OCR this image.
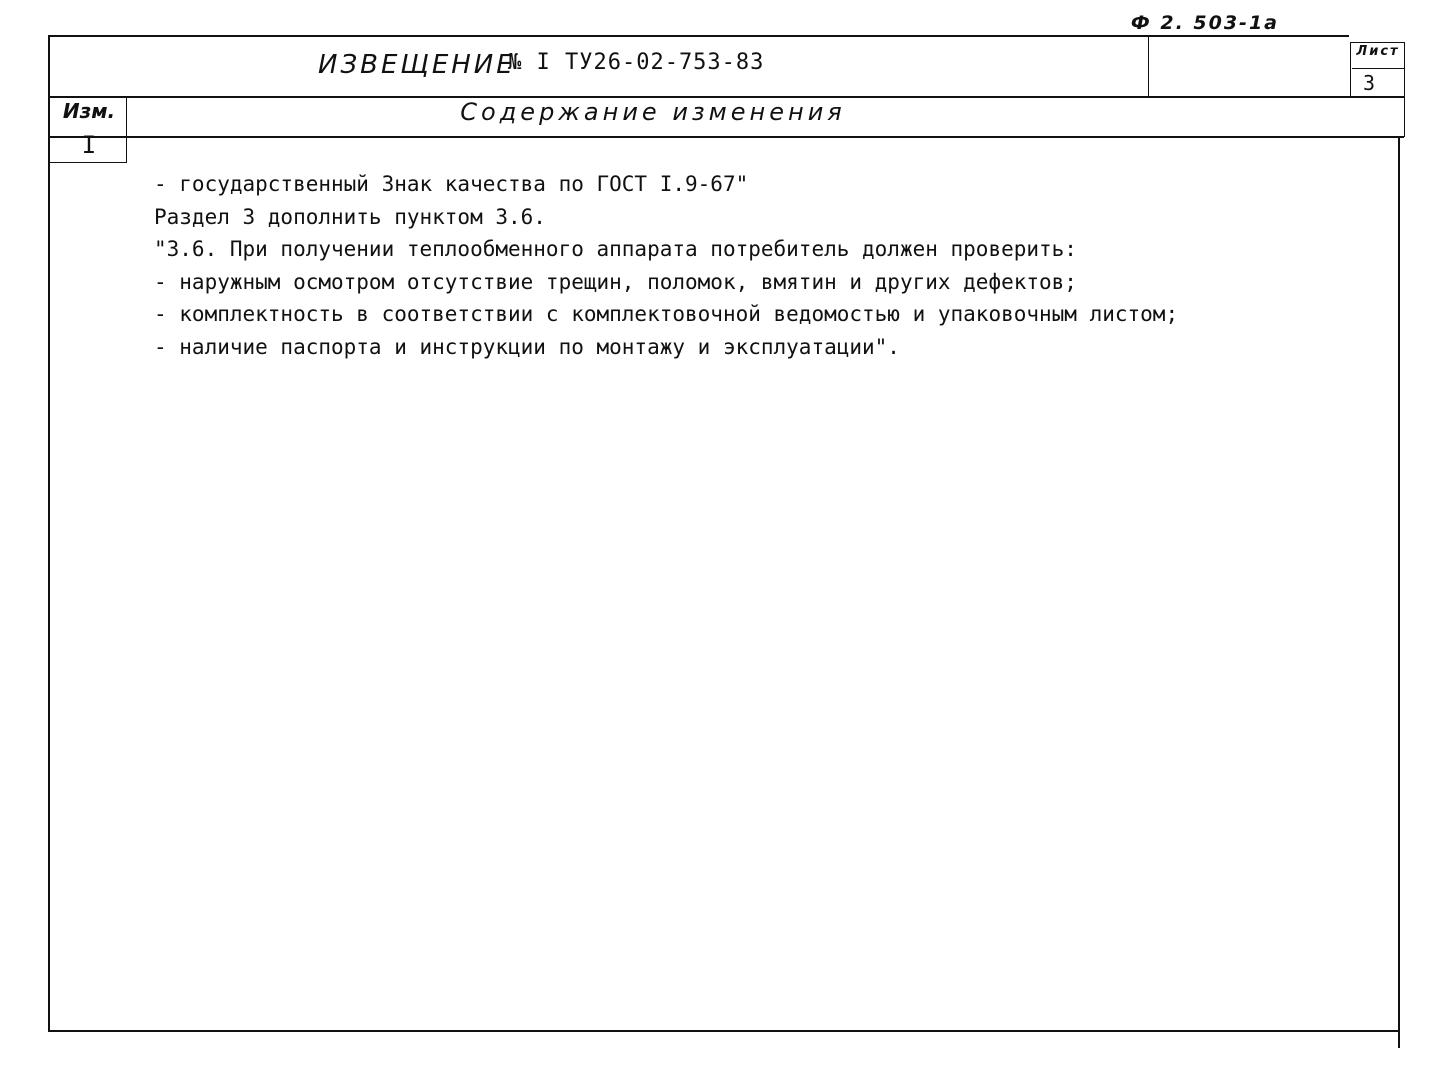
Ф 2. 503-1а
ИЗВЕЩЕНИЕ
№ I ТУ26-02-753-83	Лист
3
Изм.	Содержание изменения
I
- государственный Знак качества по ГОСТ I.9-67"
Раздел 3 дополнить пунктом 3.6.
"3.6. При получении теплообменного аппарата потребитель должен проверить:
- наружным осмотром отсутствие трещин, поломок, вмятин и других дефектов;
- комплектность в соответствии с комплектовочной ведомостью и упаковочным листом;
- наличие паспорта и инструкции по монтажу и эксплуатации".
